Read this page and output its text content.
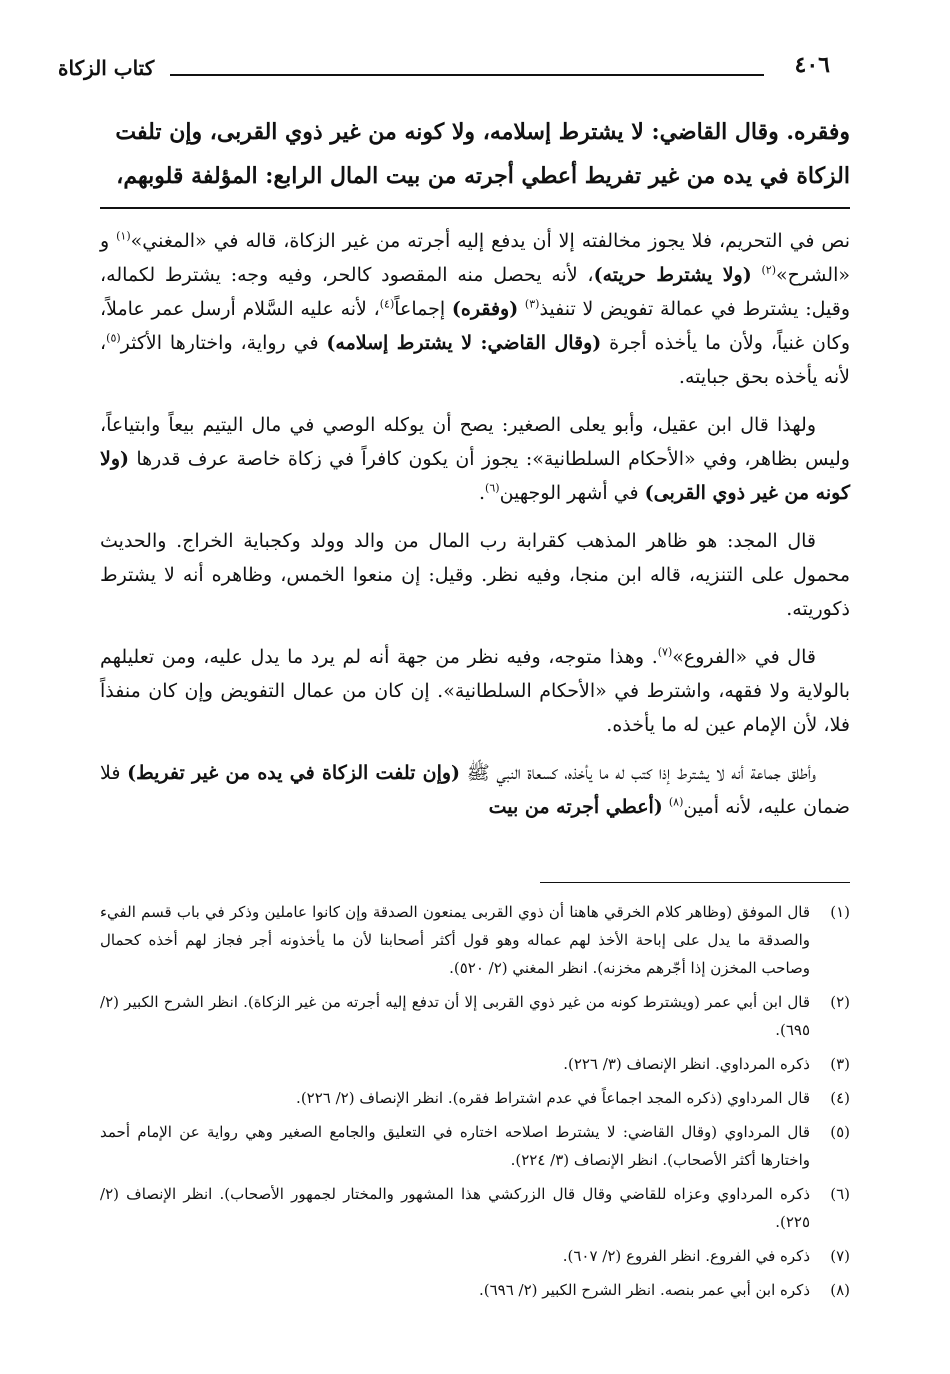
٤٠٦
كتاب الزكاة

وفقره. وقال القاضي: لا يشترط إسلامه، ولا كونه من غير ذوي القربى، وإن تلفت

الزكاة في يده من غير تفريط أعطي أجرته من بيت المال الرابع: المؤلفة قلوبهم،

نص في التحريم، فلا يجوز مخالفته إلا أن يدفع إليه أجرته من غير الزكاة، قاله في «المغني»$^{(١)}$ و «الشرح»$^{(٢)}$ (ولا يشترط حريته)، لأنه يحصل منه المقصود كالحر، وفيه وجه: يشترط لكماله، وقيل: يشترط في عمالة تفويض لا تنفيذ$^{(٣)}$ (وفقره) إجماعاً$^{(٤)}$، لأنه عليه السَّلام أرسل عمر عاملاً، وكان غنياً، ولأن ما يأخذه أجرة (وقال القاضي: لا يشترط إسلامه) في رواية، واختارها الأكثر$^{(٥)}$، لأنه يأخذه بحق جبايته.

ولهذا قال ابن عقيل، وأبو يعلى الصغير: يصح أن يوكله الوصي في مال اليتيم بيعاً وابتياعاً، وليس بظاهر، وفي «الأحكام السلطانية»: يجوز أن يكون كافراً في زكاة خاصة عرف قدرها (ولا كونه من غير ذوي القربى) في أشهر الوجهين$^{(٦)}$.

قال المجد: هو ظاهر المذهب كقرابة رب المال من والد وولد وكجباية الخراج. والحديث محمول على التنزيه، قاله ابن منجا، وفيه نظر. وقيل: إن منعوا الخمس، وظاهره أنه لا يشترط ذكوريته.

قال في «الفروع»$^{(٧)}$. وهذا متوجه، وفيه نظر من جهة أنه لم يرد ما يدل عليه، ومن تعليلهم بالولاية ولا فقهه، واشترط في «الأحكام السلطانية». إن كان من عمال التفويض وإن كان منفذاً فلا، لأن الإمام عين له ما يأخذه.

وأطلق جماعة أنه لا يشترط إذا كتب له ما يأخذه، كسعاة النبي ﷺ (وإن تلفت الزكاة في يده من غير تفريط) فلا ضمان عليه، لأنه أمين$^{(٨)}$ (أعطي أجرته من بيت

(١)
قال الموفق (وظاهر كلام الخرقي هاهنا أن ذوي القربى يمنعون الصدقة وإن كانوا عاملين وذكر في باب قسم الفيء والصدقة ما يدل على إباحة الأخذ لهم عماله وهو قول أكثر أصحابنا لأن ما يأخذونه أجر فجاز لهم أخذه كحمال وصاحب المخزن إذا أجّرهم مخزنه). انظر المغني (٢/ ٥٢٠).
(٢)
قال ابن أبي عمر (ويشترط كونه من غير ذوي القربى إلا أن تدفع إليه أجرته من غير الزكاة). انظر الشرح الكبير (٢/ ٦٩٥).
(٣)
ذكره المرداوي. انظر الإنصاف (٣/ ٢٢٦).
(٤)
قال المرداوي (ذكره المجد اجماعاً في عدم اشتراط فقره). انظر الإنصاف (٢/ ٢٢٦).
(٥)
قال المرداوي (وقال القاضي: لا يشترط اصلاحه اختاره في التعليق والجامع الصغير وهي رواية عن الإمام أحمد واختارها أكثر الأصحاب). انظر الإنصاف (٣/ ٢٢٤).
(٦)
ذكره المرداوي وعزاه للقاضي وقال قال الزركشي هذا المشهور والمختار لجمهور الأصحاب). انظر الإنصاف (٢/ ٢٢٥).
(٧)
ذكره في الفروع. انظر الفروع (٢/ ٦٠٧).
(٨)
ذكره ابن أبي عمر بنصه. انظر الشرح الكبير (٢/ ٦٩٦).
